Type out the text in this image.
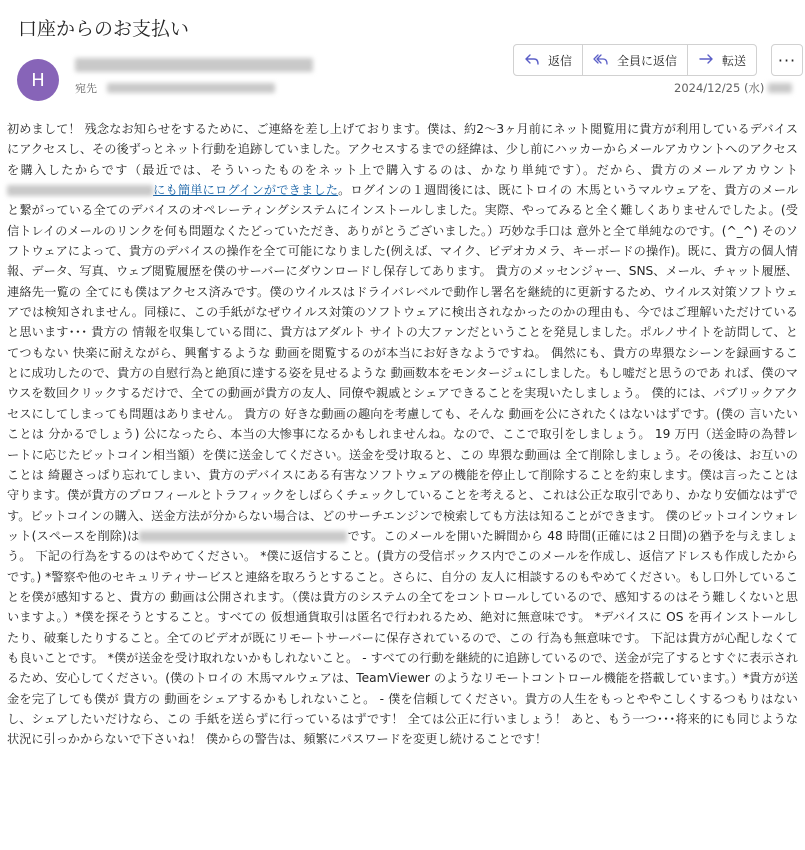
口座からのお支払い
H	宛先
返信	全員に返信	転送 ···
2024/12/25 (水)
初めまして！ 残念なお知らせをするために、ご連絡を差し上げております。僕は、約2～3ヶ月前にネット閲覧用に貴方が利用しているデバイスにアクセスし、その後ずっとネット行動を追跡していました。アクセスするまでの経緯は、少し前にハッカーからメールアカウントへのアクセスを購入したからです（最近では、そういったものをネット上で購入するのは、かなり単純です）。だから、貴方のメールアカウントにも簡単にログインができました。ログインの１週間後には、既にトロイの 木馬というマルウェアを、貴方のメールと繋がっている全てのデバイスのオペレーティングシステムにインストールしました。実際、やってみると全く難しくありませんでしたよ。(受信トレイのメールのリンクを何も問題なくたどっていただき、ありがとうございました。）巧妙な手口は 意外と全て単純なのです。(^_^) そのソフトウェアによって、貴方のデバイスの操作を全て可能になりました(例えば、マイク、ビデオカメラ、キーボードの操作)。既に、貴方の個人情報、データ、写真、ウェブ閲覧履歴を僕のサーバーにダウンロードし保存してあります。 貴方のメッセンジャー、SNS、メール、チャット履歴、連絡先一覧の 全てにも僕はアクセス済みです。僕のウイルスはドライバレベルで動作し署名を継続的に更新するため、ウイルス対策ソフトウェアでは検知されません。同様に、この手紙がなぜウイルス対策のソフトウェアに検出されなかったのかの理由も、今ではご理解いただけていると思います･･･ 貴方の 情報を収集している間に、貴方はアダルト サイトの大ファンだということを発見しました。ポルノサイトを訪問して、とてつもない 快楽に耐えながら、興奮するような 動画を閲覧するのが本当にお好きなようですね。 偶然にも、貴方の卑猥なシーンを録画することに成功したので、貴方の自慰行為と絶頂に達する姿を見せるような 動画数本をモンタージュにしました。もし嘘だと思うのであ れば、僕のマウスを数回クリックするだけで、全ての動画が貴方の友人、同僚や親戚とシェアできることを実現いたしましょう。 僕的には、パブリックアクセスにしてしまっても問題はありません。 貴方の 好きな動画の趣向を考慮しても、そんな 動画を公にされたくはないはずです。(僕の 言いたいことは 分かるでしょう) 公になったら、本当の大惨事になるかもしれませんね。なので、ここで取引をしましょう。 19 万円（送金時の為替レートに応じたビットコイン相当額）を僕に送金してください。送金を受け取ると、この 卑猥な動画は 全て削除しましょう。その後は、お互いのことは 綺麗さっぱり忘れてしまい、貴方のデバイスにある有害なソフトウェアの機能を停止して削除することを約束します。僕は言ったことは守ります。僕が貴方のプロフィールとトラフィックをしばらくチェックしていることを考えると、これは公正な取引であり、かなり安価なはずです。ビットコインの購入、送金方法が分からない場合は、どのサーチエンジンで検索しても方法は知ることができます。 僕のビットコインウォレット(スペースを削除)は	です。このメールを開いた瞬間から 48 時間(正確には２日間)の猶予を与えましょう。 下記の行為をするのはやめてください。 *僕に返信すること。(貴方の受信ボックス内でこのメールを作成し、返信アドレスも作成したからです。) *警察や他のセキュリティサービスと連絡を取ろうとすること。さらに、自分の 友人に相談するのもやめてください。もし口外していることを僕が感知すると、貴方の 動画は公開されます。（僕は貴方のシステムの全てをコントロールしているので、感知するのはそう難しくないと思いますよ。）*僕を探そうとすること。すべての 仮想通貨取引は匿名で行われるため、絶対に無意味です。 *デバイスに OS を再インストールしたり、破棄したりすること。全てのビデオが既にリモートサーバーに保存されているので、この 行為も無意味です。 下記は貴方が心配しなくても良いことです。 *僕が送金を受け取れないかもしれないこと。 - すべての行動を継続的に追跡しているので、送金が完了するとすぐに表示されるため、安心してください。(僕のトロイの 木馬マルウェアは、TeamViewer のようなリモートコントロール機能を搭載しています。）*貴方が送金を完了しても僕が 貴方の 動画をシェアするかもしれないこと。 - 僕を信頼してください。貴方の人生をもっとややこしくするつもりはないし、シェアしたいだけなら、この 手紙を送らずに行っているはずです！ 全ては公正に行いましょう！ あと、もう一つ･･･将来的にも同じような状況に引っかからないで下さいね！ 僕からの警告は、頻繁にパスワードを変更し続けることです！
